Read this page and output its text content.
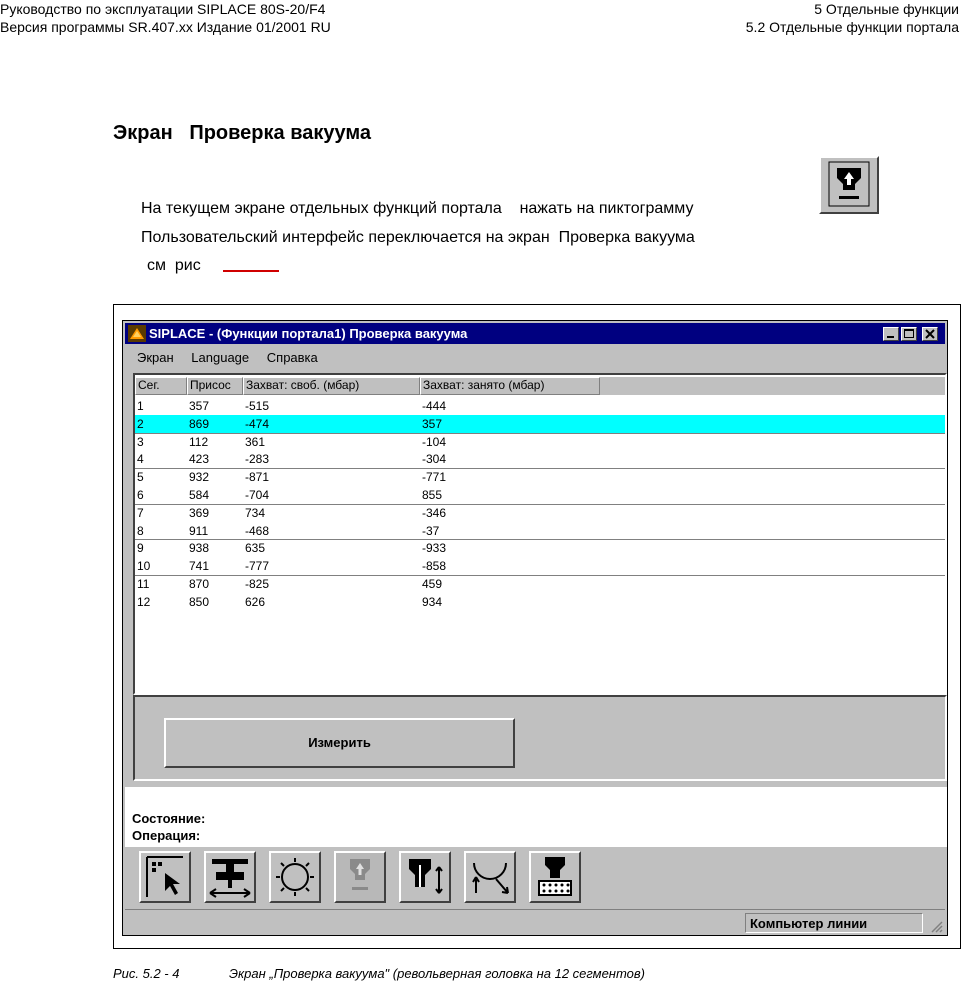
Руководство по эксплуатации SIPLACE 80S-20/F4
Версия программы SR.407.xx Издание 01/2001 RU
5 Отдельные функции
5.2 Отдельные функции портала
Экран   Проверка вакуума
На текущем экране отдельных функций портала    нажать на пиктограмму
Пользовательский интерфейс переключается на экран  Проверка вакуума
см  рис
SIPLACE - (Функции портала1) Проверка вакуума
Экран Language Справка
Сег.	Присос	Захват: своб. (мбар)	Захват: занято (мбар)
1	357	-515	-444
2	869	-474	357
3	112	361	-104
4	423	-283	-304
5	932	-871	-771
6	584	-704	855
7	369	734	-346
8	911	-468	-37
9	938	635	-933
10	741	-777	-858
11	870	-825	459
12	850	626	934
Измерить
Состояние:
Операция:
Компьютер линии
Рис. 5.2 - 4	Экран „Проверка вакуума" (револьверная головка на 12 сегментов)
